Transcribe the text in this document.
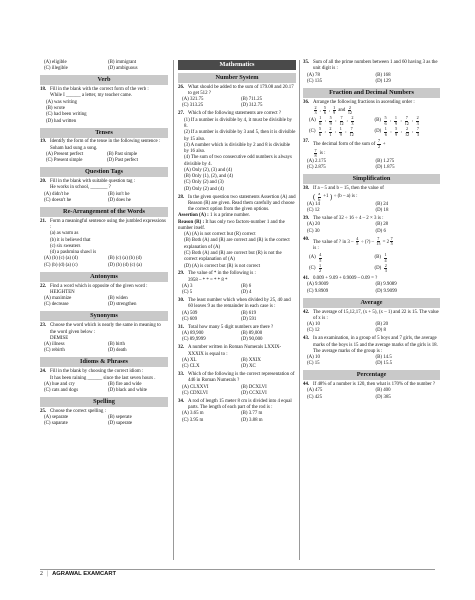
(A) eligible	(B) immigrant
(C) illegible	(D) ambiguous
Verb
18. Fill in the blank with the correct form of the verb :
While I ______ a letter, my teacher came.
(A) was writing
(B) wrote
(C) had been writing
(D) had written
Tenses
19. Identify the form of the tense in the following sentence :
Soham had sung a song.
(A) Present perfect	(B) Past simple
(C) Present simple	(D) Past perfect
Question Tags
20. Fill in the blank with suitable question tag :
He works in school, _______ ?
(A) didn't he	(B) isn't he
(C) doesn't he	(D) does he
Re-Arrangement of the Words
21. Form a meaningful sentence using the jumbled expressions :
(a) as warm as
(b) it is believed that
(c) six sweaters
(d) a pashmina shawl is
(A) (b) (c) (a) (d)	(B) (c) (a) (b) (d)
(C) (b) (d) (a) (c)	(D) (b) (d) (c) (a)
Antonyms
22. Find a word which is opposite of the given word :
HEIGHTEN
(A) maximize	(B) widen
(C) decrease	(D) strengthen
Synonyms
23. Choose the word which is nearly the same in meaning to the word given below :
DEMISE
(A) illness	(B) birth
(C) rebirth	(D) death
Idioms & Phrases
24. Fill in the blank by choosing the correct idiom :
It has been raining ______ since the last seven hours .
(A) hue and cry	(B) fire and wide
(C) cats and dogs	(D) black and white
Spelling
25. Choose the correct spelling :
(A) separate	(B) seperate
(C) saparate	(D) saperate
Mathematics
Number System
26. What should be added to the sum of 179.08 and 20.17 to get 512 ?
(A) 321.75	(B) 711.25
(C) 313.25	(D) 312.75
27. Which of the following statements are correct ?
(1) If a number is divisible by 4, it must be divisible by 8.
(2) If a number is divisible by 3 and 5, then it is divisible by 15 also.
(3) A number which is divisible by 2 and 8 is divisible by 16 also.
(4) The sum of two consecutive odd numbers is always divisible by 4.
(A) Only (2), (3) and (4)
(B) Only (1), (2), and (4)
(C) Only (2) and (3)
(D) Only (2) and (4)
28. In the given question two statements Assertion (A) and Reason (R) are given. Read them carefully and choose the correct option from the given options.
Assertion (A) : 1 is a prime number.
Reason (R) : It has only two factors-number 1 and the number itself.
(A) (A) is not correct but (R) correct
(B) Both (A) and (R) are correct and (R) is the correct explanation of (A)
(C) Both (A) and (R) are correct but (R) is not the correct explanation of (A)
(D) (A) is correct but (R) is not correct
29. The value of * in the following is :
3958 – * * = * * 8 *
(A) 3	(B) 6
(C) 5	(D) 4
30. The least number which when divided by 25, 40 and 60 leaves 9 as the remainder in each case is :
(A) 509	(B) 619
(C) 609	(D) 591
31. Total how many 5 digit numbers are there ?
(A) 89,900	(B) 89,000
(C) 89,9999	(D) 90,000
32. A number written in Roman Numerals LXXIX-XXXIX is equal to :
(A) XL	(B) XXIX
(C) CLX	(D) XC
33. Which of the following is the correct representation of 446 in Roman Numerals ?
(A) CLXXVI	(B) DCXLVI
(C) CDXLVI	(D) CCXLVI
34. A rod of length 15 meter 8 cm is divided into 4 equal parts. The length of each part of the rod is :
(A) 3.65 m	(B) 3.77 m
(C) 3.95 m	(D) 3.88 m
35. Sum of all the prime numbers between 1 and 60 having 3 as the unit digit is :
(A) 78	(B) 168
(C) 135	(D) 129
Fraction and Decimal Numbers
36. Arrange the following fractions in ascending order :
$\frac{2}{3}$ , $\frac{5}{6}$ , $\frac{1}{9}$ and $\frac{2}{12}$
$(A) \frac{1}{6}$ , $\frac{5}{9}$ , $\frac{7}{12}$ , $\frac{2}{3}$	$(B) \frac{5}{6}$ , $\frac{1}{9}$ , $\frac{7}{12}$ , $\frac{2}{3}$
$(C) \frac{5}{6}$ , $\frac{2}{1}$ , $\frac{1}{9}$ , $\frac{7}{12}$	$(D) \frac{1}{6}$ , $\frac{5}{9}$ , $\frac{2}{12}$ , $\frac{7}{3}$
37.
The decimal form of the sum of $\frac{7}{2}$ +
$\frac{7}{8}$ is :
(A) 2.175	(B) 1.275
(C) 2.875	(D) 1.875
Simplification
38. If a – 5 and b – 15, then the value of
( $\frac{a}{b} +1$ ) ÷ (b – a) is :
(A) 14	(B) 24
(C) 12	(D) 18
39. The value of 32 ÷ 16 ÷ 4 – 2 × 3 is :
(A) 20	(B) 28
(C) 30	(D) 6
40.
The value of ? in $3 - \frac{4}{5}$ ÷ (?) – $\frac{7}{15} = 2 \frac{7}{5}$
is :
$(A) \frac{4}{5}$	$(B) \frac{1}{4}$
$(C) \frac{1}{2}$	$(D) \frac{2}{3}$
41. 0.009 + 9.09 + 0.9009 – 0.09 = ?
(A) 9.9009	(B) 9.9089
(C) 9.8909	(D) 9.9099
Average
42. The average of 15,12,17, (x + 5), (x – 1) and 22 is 15. The value of x is :
(A) 10	(B) 20
(C) 12	(D) 8
43. In an examination, in a group of 5 boys and 7 girls, the average marks of the boys is 15 and the average marks of the girls is 18. The average marks of the group is :
(A) 10	(B) 14.5
(C) 15	(D) 15.5
Percentage
44. If 48% of a number is 120, then what is 170% of the number ?
(A) 475	(B) 400
(C) 425	(D) 385
2 | AGRAWAL EXAMCART
